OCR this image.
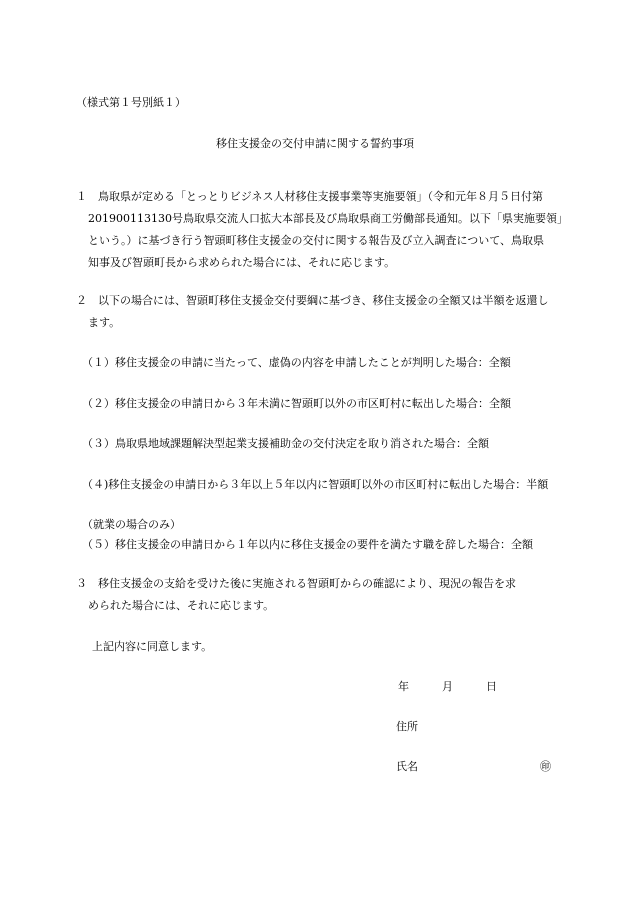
（様式第１号別紙１）
移住支援金の交付申請に関する誓約事項
１ 鳥取県が定める「とっとりビジネス人材移住支援事業等実施要領」（令和元年８月５日付第
201900113130号鳥取県交流人口拡大本部長及び鳥取県商工労働部長通知。以下「県実施要領」
という。）に基づき行う智頭町移住支援金の交付に関する報告及び立入調査について、鳥取県
知事及び智頭町長から求められた場合には、それに応じます。
２ 以下の場合には、智頭町移住支援金交付要綱に基づき、移住支援金の全額又は半額を返還し
ます。
（１）移住支援金の申請に当たって、虚偽の内容を申請したことが判明した場合：全額
（２）移住支援金の申請日から３年未満に智頭町以外の市区町村に転出した場合：全額
（３）鳥取県地域課題解決型起業支援補助金の交付決定を取り消された場合：全額
（４)移住支援金の申請日から３年以上５年以内に智頭町以外の市区町村に転出した場合：半額
（就業の場合のみ）
（５）移住支援金の申請日から１年以内に移住支援金の要件を満たす職を辞した場合：全額
３ 移住支援金の支給を受けた後に実施される智頭町からの確認により、現況の報告を求
められた場合には、それに応じます。
上記内容に同意します。
年	月	日
住所
氏名	㊞
